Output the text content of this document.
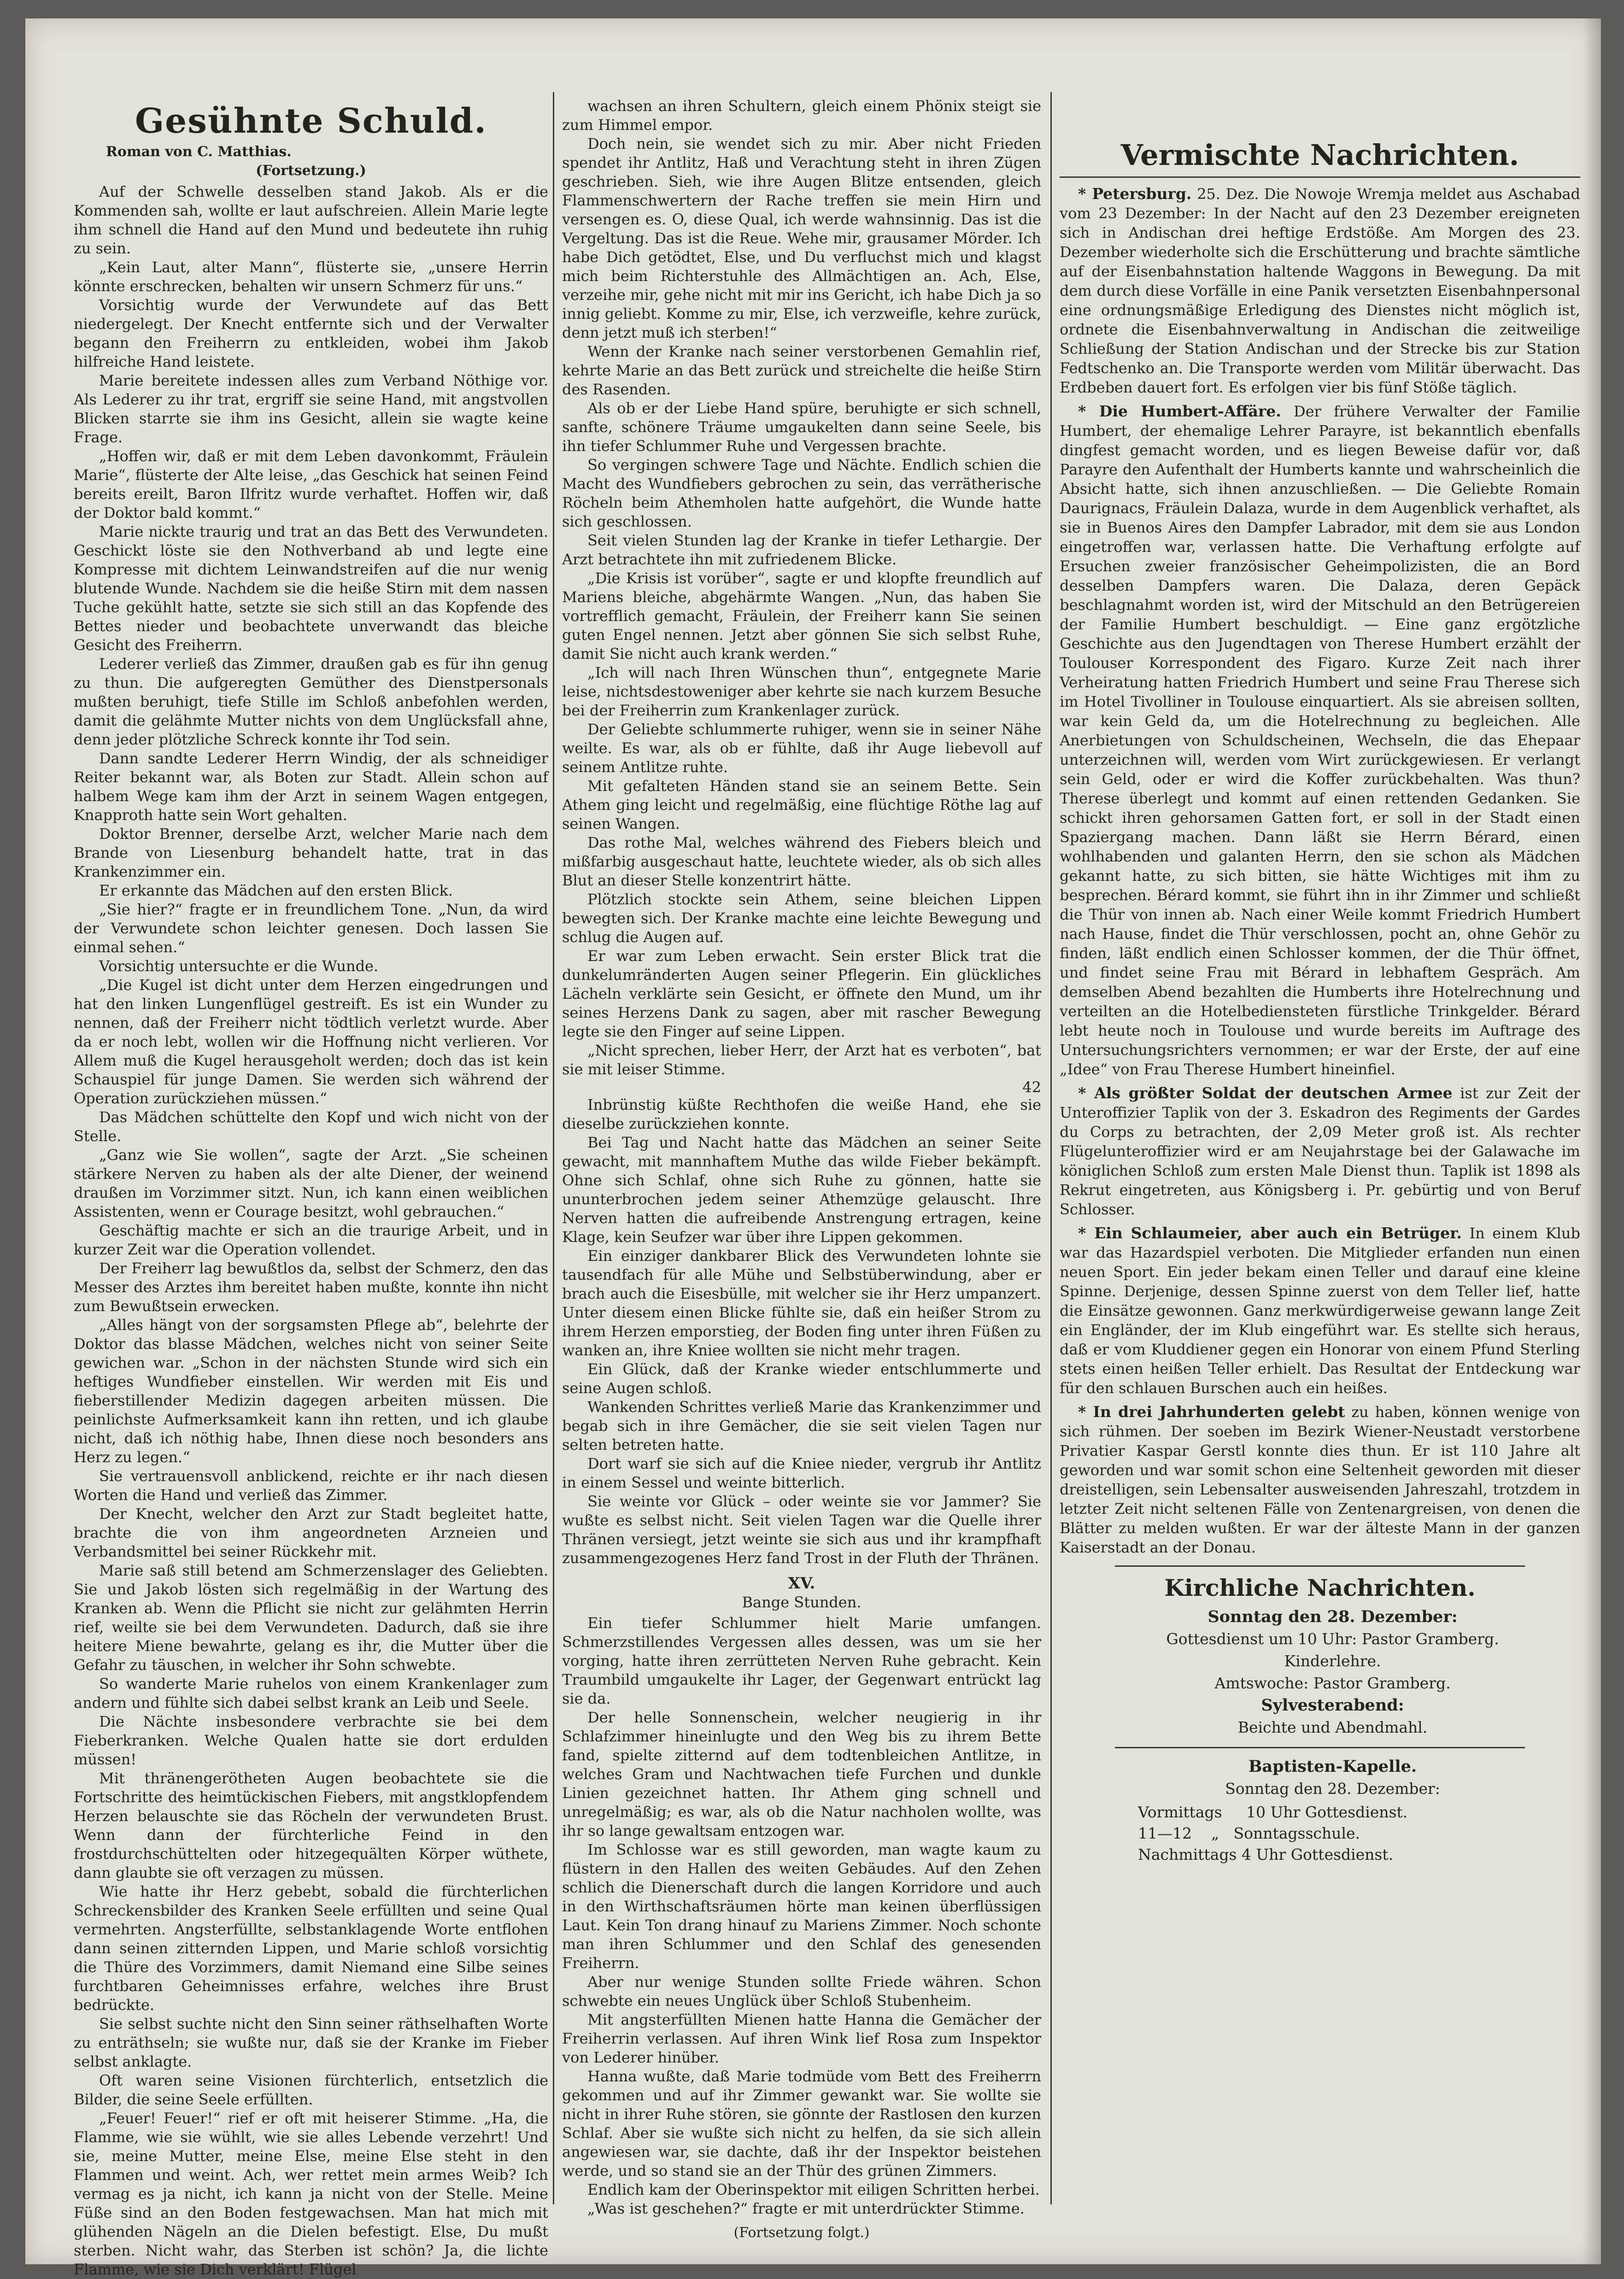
Gesühnte Schuld.
Roman von C. Matthias.
(Fortsetzung.)

Auf der Schwelle desselben stand Jakob. Als er die Kommenden sah, wollte er laut aufschreien. Allein Marie legte ihm schnell die Hand auf den Mund und bedeutete ihn ruhig zu sein.

„Kein Laut, alter Mann“, flüsterte sie, „unsere Herrin könnte erschrecken, behalten wir unsern Schmerz für uns.“

Vorsichtig wurde der Verwundete auf das Bett niedergelegt. Der Knecht entfernte sich und der Verwalter begann den Freiherrn zu entkleiden, wobei ihm Jakob hilfreiche Hand leistete.

Marie bereitete indessen alles zum Verband Nöthige vor. Als Lederer zu ihr trat, ergriff sie seine Hand, mit angstvollen Blicken starrte sie ihm ins Gesicht, allein sie wagte keine Frage.

„Hoffen wir, daß er mit dem Leben davonkommt, Fräulein Marie“, flüsterte der Alte leise, „das Geschick hat seinen Feind bereits ereilt, Baron Ilfritz wurde verhaftet. Hoffen wir, daß der Doktor bald kommt.“

Marie nickte traurig und trat an das Bett des Verwundeten. Geschickt löste sie den Nothverband ab und legte eine Kompresse mit dichtem Leinwandstreifen auf die nur wenig blutende Wunde. Nachdem sie die heiße Stirn mit dem nassen Tuche gekühlt hatte, setzte sie sich still an das Kopfende des Bettes nieder und beobachtete unverwandt das bleiche Gesicht des Freiherrn.

Lederer verließ das Zimmer, draußen gab es für ihn genug zu thun. Die aufgeregten Gemüther des Dienstpersonals mußten beruhigt, tiefe Stille im Schloß anbefohlen werden, damit die gelähmte Mutter nichts von dem Unglücksfall ahne, denn jeder plötzliche Schreck konnte ihr Tod sein.

Dann sandte Lederer Herrn Windig, der als schneidiger Reiter bekannt war, als Boten zur Stadt. Allein schon auf halbem Wege kam ihm der Arzt in seinem Wagen entgegen, Knapproth hatte sein Wort gehalten.

Doktor Brenner, derselbe Arzt, welcher Marie nach dem Brande von Liesenburg behandelt hatte, trat in das Krankenzimmer ein.

Er erkannte das Mädchen auf den ersten Blick.

„Sie hier?“ fragte er in freundlichem Tone. „Nun, da wird der Verwundete schon leichter genesen. Doch lassen Sie einmal sehen.“

Vorsichtig untersuchte er die Wunde.

„Die Kugel ist dicht unter dem Herzen eingedrungen und hat den linken Lungenflügel gestreift. Es ist ein Wunder zu nennen, daß der Freiherr nicht tödtlich verletzt wurde. Aber da er noch lebt, wollen wir die Hoffnung nicht verlieren. Vor Allem muß die Kugel herausgeholt werden; doch das ist kein Schauspiel für junge Damen. Sie werden sich während der Operation zurückziehen müssen.“

Das Mädchen schüttelte den Kopf und wich nicht von der Stelle.

„Ganz wie Sie wollen“, sagte der Arzt. „Sie scheinen stärkere Nerven zu haben als der alte Diener, der weinend draußen im Vorzimmer sitzt. Nun, ich kann einen weiblichen Assistenten, wenn er Courage besitzt, wohl gebrauchen.“

Geschäftig machte er sich an die traurige Arbeit, und in kurzer Zeit war die Operation vollendet.

Der Freiherr lag bewußtlos da, selbst der Schmerz, den das Messer des Arztes ihm bereitet haben mußte, konnte ihn nicht zum Bewußtsein erwecken.

„Alles hängt von der sorgsamsten Pflege ab“, belehrte der Doktor das blasse Mädchen, welches nicht von seiner Seite gewichen war. „Schon in der nächsten Stunde wird sich ein heftiges Wundfieber einstellen. Wir werden mit Eis und fieberstillender Medizin dagegen arbeiten müssen. Die peinlichste Aufmerksamkeit kann ihn retten, und ich glaube nicht, daß ich nöthig habe, Ihnen diese noch besonders ans Herz zu legen.“

Sie vertrauensvoll anblickend, reichte er ihr nach diesen Worten die Hand und verließ das Zimmer.

Der Knecht, welcher den Arzt zur Stadt begleitet hatte, brachte die von ihm angeordneten Arzneien und Verbandsmittel bei seiner Rückkehr mit.

Marie saß still betend am Schmerzenslager des Geliebten. Sie und Jakob lösten sich regelmäßig in der Wartung des Kranken ab. Wenn die Pflicht sie nicht zur gelähmten Herrin rief, weilte sie bei dem Verwundeten. Dadurch, daß sie ihre heitere Miene bewahrte, gelang es ihr, die Mutter über die Gefahr zu täuschen, in welcher ihr Sohn schwebte.

So wanderte Marie ruhelos von einem Krankenlager zum andern und fühlte sich dabei selbst krank an Leib und Seele.

Die Nächte insbesondere verbrachte sie bei dem Fieberkranken. Welche Qualen hatte sie dort erdulden müssen!

Mit thränengerötheten Augen beobachtete sie die Fortschritte des heimtückischen Fiebers, mit angstklopfendem Herzen belauschte sie das Röcheln der verwundeten Brust. Wenn dann der fürchterliche Feind in den frostdurchschüttelten oder hitzegequälten Körper wüthete, dann glaubte sie oft verzagen zu müssen.

Wie hatte ihr Herz gebebt, sobald die fürchterlichen Schreckensbilder des Kranken Seele erfüllten und seine Qual vermehrten. Angsterfüllte, selbstanklagende Worte entflohen dann seinen zitternden Lippen, und Marie schloß vorsichtig die Thüre des Vorzimmers, damit Niemand eine Silbe seines furchtbaren Geheimnisses erfahre, welches ihre Brust bedrückte.

Sie selbst suchte nicht den Sinn seiner räthselhaften Worte zu enträthseln; sie wußte nur, daß sie der Kranke im Fieber selbst anklagte.

Oft waren seine Visionen fürchterlich, entsetzlich die Bilder, die seine Seele erfüllten.

„Feuer! Feuer!“ rief er oft mit heiserer Stimme. „Ha, die Flamme, wie sie wühlt, wie sie alles Lebende verzehrt! Und sie, meine Mutter, meine Else, meine Else steht in den Flammen und weint. Ach, wer rettet mein armes Weib? Ich vermag es ja nicht, ich kann ja nicht von der Stelle. Meine Füße sind an den Boden festgewachsen. Man hat mich mit glühenden Nägeln an die Dielen befestigt. Else, Du mußt sterben. Nicht wahr, das Sterben ist schön? Ja, die lichte Flamme, wie sie Dich verklärt! Flügel

wachsen an ihren Schultern, gleich einem Phönix steigt sie zum Himmel empor.

Doch nein, sie wendet sich zu mir. Aber nicht Frieden spendet ihr Antlitz, Haß und Verachtung steht in ihren Zügen geschrieben. Sieh, wie ihre Augen Blitze entsenden, gleich Flammenschwertern der Rache treffen sie mein Hirn und versengen es. O, diese Qual, ich werde wahnsinnig. Das ist die Vergeltung. Das ist die Reue. Wehe mir, grausamer Mörder. Ich habe Dich getödtet, Else, und Du verfluchst mich und klagst mich beim Richterstuhle des Allmächtigen an. Ach, Else, verzeihe mir, gehe nicht mit mir ins Gericht, ich habe Dich ja so innig geliebt. Komme zu mir, Else, ich verzweifle, kehre zurück, denn jetzt muß ich sterben!“

Wenn der Kranke nach seiner verstorbenen Gemahlin rief, kehrte Marie an das Bett zurück und streichelte die heiße Stirn des Rasenden.

Als ob er der Liebe Hand spüre, beruhigte er sich schnell, sanfte, schönere Träume umgaukelten dann seine Seele, bis ihn tiefer Schlummer Ruhe und Vergessen brachte.

So vergingen schwere Tage und Nächte. Endlich schien die Macht des Wundfiebers gebrochen zu sein, das verrätherische Röcheln beim Athemholen hatte aufgehört, die Wunde hatte sich geschlossen.

Seit vielen Stunden lag der Kranke in tiefer Lethargie. Der Arzt betrachtete ihn mit zufriedenem Blicke.

„Die Krisis ist vorüber“, sagte er und klopfte freundlich auf Mariens bleiche, abgehärmte Wangen. „Nun, das haben Sie vortrefflich gemacht, Fräulein, der Freiherr kann Sie seinen guten Engel nennen. Jetzt aber gönnen Sie sich selbst Ruhe, damit Sie nicht auch krank werden.“

„Ich will nach Ihren Wünschen thun“, entgegnete Marie leise, nichtsdestoweniger aber kehrte sie nach kurzem Besuche bei der Freiherrin zum Krankenlager zurück.

Der Geliebte schlummerte ruhiger, wenn sie in seiner Nähe weilte. Es war, als ob er fühlte, daß ihr Auge liebevoll auf seinem Antlitze ruhte.

Mit gefalteten Händen stand sie an seinem Bette. Sein Athem ging leicht und regelmäßig, eine flüchtige Röthe lag auf seinen Wangen.

Das rothe Mal, welches während des Fiebers bleich und mißfarbig ausgeschaut hatte, leuchtete wieder, als ob sich alles Blut an dieser Stelle konzentrirt hätte.

Plötzlich stockte sein Athem, seine bleichen Lippen bewegten sich. Der Kranke machte eine leichte Bewegung und schlug die Augen auf.

Er war zum Leben erwacht. Sein erster Blick trat die dunkelumränderten Augen seiner Pflegerin. Ein glückliches Lächeln verklärte sein Gesicht, er öffnete den Mund, um ihr seines Herzens Dank zu sagen, aber mit rascher Bewegung legte sie den Finger auf seine Lippen.

„Nicht sprechen, lieber Herr, der Arzt hat es verboten“, bat sie mit leiser Stimme.

42

Inbrünstig küßte Rechthofen die weiße Hand, ehe sie dieselbe zurückziehen konnte.

Bei Tag und Nacht hatte das Mädchen an seiner Seite gewacht, mit mannhaftem Muthe das wilde Fieber bekämpft. Ohne sich Schlaf, ohne sich Ruhe zu gönnen, hatte sie ununterbrochen jedem seiner Athemzüge gelauscht. Ihre Nerven hatten die aufreibende Anstrengung ertragen, keine Klage, kein Seufzer war über ihre Lippen gekommen.

Ein einziger dankbarer Blick des Verwundeten lohnte sie tausendfach für alle Mühe und Selbstüberwindung, aber er brach auch die Eisesbülle, mit welcher sie ihr Herz umpanzert. Unter diesem einen Blicke fühlte sie, daß ein heißer Strom zu ihrem Herzen emporstieg, der Boden fing unter ihren Füßen zu wanken an, ihre Kniee wollten sie nicht mehr tragen.

Ein Glück, daß der Kranke wieder entschlummerte und seine Augen schloß.

Wankenden Schrittes verließ Marie das Krankenzimmer und begab sich in ihre Gemächer, die sie seit vielen Tagen nur selten betreten hatte.

Dort warf sie sich auf die Kniee nieder, vergrub ihr Antlitz in einem Sessel und weinte bitterlich.

Sie weinte vor Glück – oder weinte sie vor Jammer? Sie wußte es selbst nicht. Seit vielen Tagen war die Quelle ihrer Thränen versiegt, jetzt weinte sie sich aus und ihr krampfhaft zusammengezogenes Herz fand Trost in der Fluth der Thränen.

XV.
Bange Stunden.

Ein tiefer Schlummer hielt Marie umfangen. Schmerzstillendes Vergessen alles dessen, was um sie her vorging, hatte ihren zerrütteten Nerven Ruhe gebracht. Kein Traumbild umgaukelte ihr Lager, der Gegenwart entrückt lag sie da.

Der helle Sonnenschein, welcher neugierig in ihr Schlafzimmer hineinlugte und den Weg bis zu ihrem Bette fand, spielte zitternd auf dem todtenbleichen Antlitze, in welches Gram und Nachtwachen tiefe Furchen und dunkle Linien gezeichnet hatten. Ihr Athem ging schnell und unregelmäßig; es war, als ob die Natur nachholen wollte, was ihr so lange gewaltsam entzogen war.

Im Schlosse war es still geworden, man wagte kaum zu flüstern in den Hallen des weiten Gebäudes. Auf den Zehen schlich die Dienerschaft durch die langen Korridore und auch in den Wirthschaftsräumen hörte man keinen überflüssigen Laut. Kein Ton drang hinauf zu Mariens Zimmer. Noch schonte man ihren Schlummer und den Schlaf des genesenden Freiherrn.

Aber nur wenige Stunden sollte Friede währen. Schon schwebte ein neues Unglück über Schloß Stubenheim.

Mit angsterfüllten Mienen hatte Hanna die Gemächer der Freiherrin verlassen. Auf ihren Wink lief Rosa zum Inspektor von Lederer hinüber.

Hanna wußte, daß Marie todmüde vom Bett des Freiherrn gekommen und auf ihr Zimmer gewankt war. Sie wollte sie nicht in ihrer Ruhe stören, sie gönnte der Rastlosen den kurzen Schlaf. Aber sie wußte sich nicht zu helfen, da sie sich allein angewiesen war, sie dachte, daß ihr der Inspektor beistehen werde, und so stand sie an der Thür des grünen Zimmers.

Endlich kam der Oberinspektor mit eiligen Schritten herbei.

„Was ist geschehen?“ fragte er mit unterdrückter Stimme.

(Fortsetzung folgt.)
Vermischte Nachrichten.

* Petersburg. 25. Dez. Die Nowoje Wremja meldet aus Aschabad vom 23 Dezember: In der Nacht auf den 23 Dezember ereigneten sich in Andischan drei heftige Erdstöße. Am Morgen des 23. Dezember wiederholte sich die Erschütterung und brachte sämtliche auf der Eisenbahnstation haltende Waggons in Bewegung. Da mit dem durch diese Vorfälle in eine Panik versetzten Eisenbahnpersonal eine ordnungsmäßige Erledigung des Dienstes nicht möglich ist, ordnete die Eisenbahnverwaltung in Andischan die zeitweilige Schließung der Station Andischan und der Strecke bis zur Station Fedtschenko an. Die Transporte werden vom Militär überwacht. Das Erdbeben dauert fort. Es erfolgen vier bis fünf Stöße täglich.

* Die Humbert-Affäre. Der frühere Verwalter der Familie Humbert, der ehemalige Lehrer Parayre, ist bekanntlich ebenfalls dingfest gemacht worden, und es liegen Beweise dafür vor, daß Parayre den Aufenthalt der Humberts kannte und wahrscheinlich die Absicht hatte, sich ihnen anzuschließen. — Die Geliebte Romain Daurignacs, Fräulein Dalaza, wurde in dem Augenblick verhaftet, als sie in Buenos Aires den Dampfer Labrador, mit dem sie aus London eingetroffen war, verlassen hatte. Die Verhaftung erfolgte auf Ersuchen zweier französischer Geheimpolizisten, die an Bord desselben Dampfers waren. Die Dalaza, deren Gepäck beschlagnahmt worden ist, wird der Mitschuld an den Betrügereien der Familie Humbert beschuldigt. — Eine ganz ergötzliche Geschichte aus den Jugendtagen von Therese Humbert erzählt der Toulouser Korrespondent des Figaro. Kurze Zeit nach ihrer Verheiratung hatten Friedrich Humbert und seine Frau Therese sich im Hotel Tivolliner in Toulouse einquartiert. Als sie abreisen sollten, war kein Geld da, um die Hotelrechnung zu begleichen. Alle Anerbietungen von Schuldscheinen, Wechseln, die das Ehepaar unterzeichnen will, werden vom Wirt zurückgewiesen. Er verlangt sein Geld, oder er wird die Koffer zurückbehalten. Was thun? Therese überlegt und kommt auf einen rettenden Gedanken. Sie schickt ihren gehorsamen Gatten fort, er soll in der Stadt einen Spaziergang machen. Dann läßt sie Herrn Bérard, einen wohlhabenden und galanten Herrn, den sie schon als Mädchen gekannt hatte, zu sich bitten, sie hätte Wichtiges mit ihm zu besprechen. Bérard kommt, sie führt ihn in ihr Zimmer und schließt die Thür von innen ab. Nach einer Weile kommt Friedrich Humbert nach Hause, findet die Thür verschlossen, pocht an, ohne Gehör zu finden, läßt endlich einen Schlosser kommen, der die Thür öffnet, und findet seine Frau mit Bérard in lebhaftem Gespräch. Am demselben Abend bezahlten die Humberts ihre Hotelrechnung und verteilten an die Hotelbediensteten fürstliche Trinkgelder. Bérard lebt heute noch in Toulouse und wurde bereits im Auftrage des Untersuchungsrichters vernommen; er war der Erste, der auf eine „Idee“ von Frau Therese Humbert hineinfiel.

* Als größter Soldat der deutschen Armee ist zur Zeit der Unteroffizier Taplik von der 3. Eskadron des Regiments der Gardes du Corps zu betrachten, der 2,09 Meter groß ist. Als rechter Flügelunteroffizier wird er am Neujahrstage bei der Galawache im königlichen Schloß zum ersten Male Dienst thun. Taplik ist 1898 als Rekrut eingetreten, aus Königsberg i. Pr. gebürtig und von Beruf Schlosser.

* Ein Schlaumeier, aber auch ein Betrüger. In einem Klub war das Hazardspiel verboten. Die Mitglieder erfanden nun einen neuen Sport. Ein jeder bekam einen Teller und darauf eine kleine Spinne. Derjenige, dessen Spinne zuerst von dem Teller lief, hatte die Einsätze gewonnen. Ganz merkwürdigerweise gewann lange Zeit ein Engländer, der im Klub eingeführt war. Es stellte sich heraus, daß er vom Kluddiener gegen ein Honorar von einem Pfund Sterling stets einen heißen Teller erhielt. Das Resultat der Entdeckung war für den schlauen Burschen auch ein heißes.

* In drei Jahrhunderten gelebt zu haben, können wenige von sich rühmen. Der soeben im Bezirk Wiener-Neustadt verstorbene Privatier Kaspar Gerstl konnte dies thun. Er ist 110 Jahre alt geworden und war somit schon eine Seltenheit geworden mit dieser dreistelligen, sein Lebensalter ausweisenden Jahreszahl, trotzdem in letzter Zeit nicht seltenen Fälle von Zentenargreisen, von denen die Blätter zu melden wußten. Er war der älteste Mann in der ganzen Kaiserstadt an der Donau.

Kirchliche Nachrichten.

Sonntag den 28. Dezember:

Gottesdienst um 10 Uhr: Pastor Gramberg.

Kinderlehre.

Amtswoche: Pastor Gramberg.

Sylvesterabend:

Beichte und Abendmahl.

Baptisten-Kapelle.

Sonntag den 28. Dezember:

Vormittags     10 Uhr Gottesdienst.
11—12    „   Sonntagsschule.
Nachmittags 4 Uhr Gottesdienst.
